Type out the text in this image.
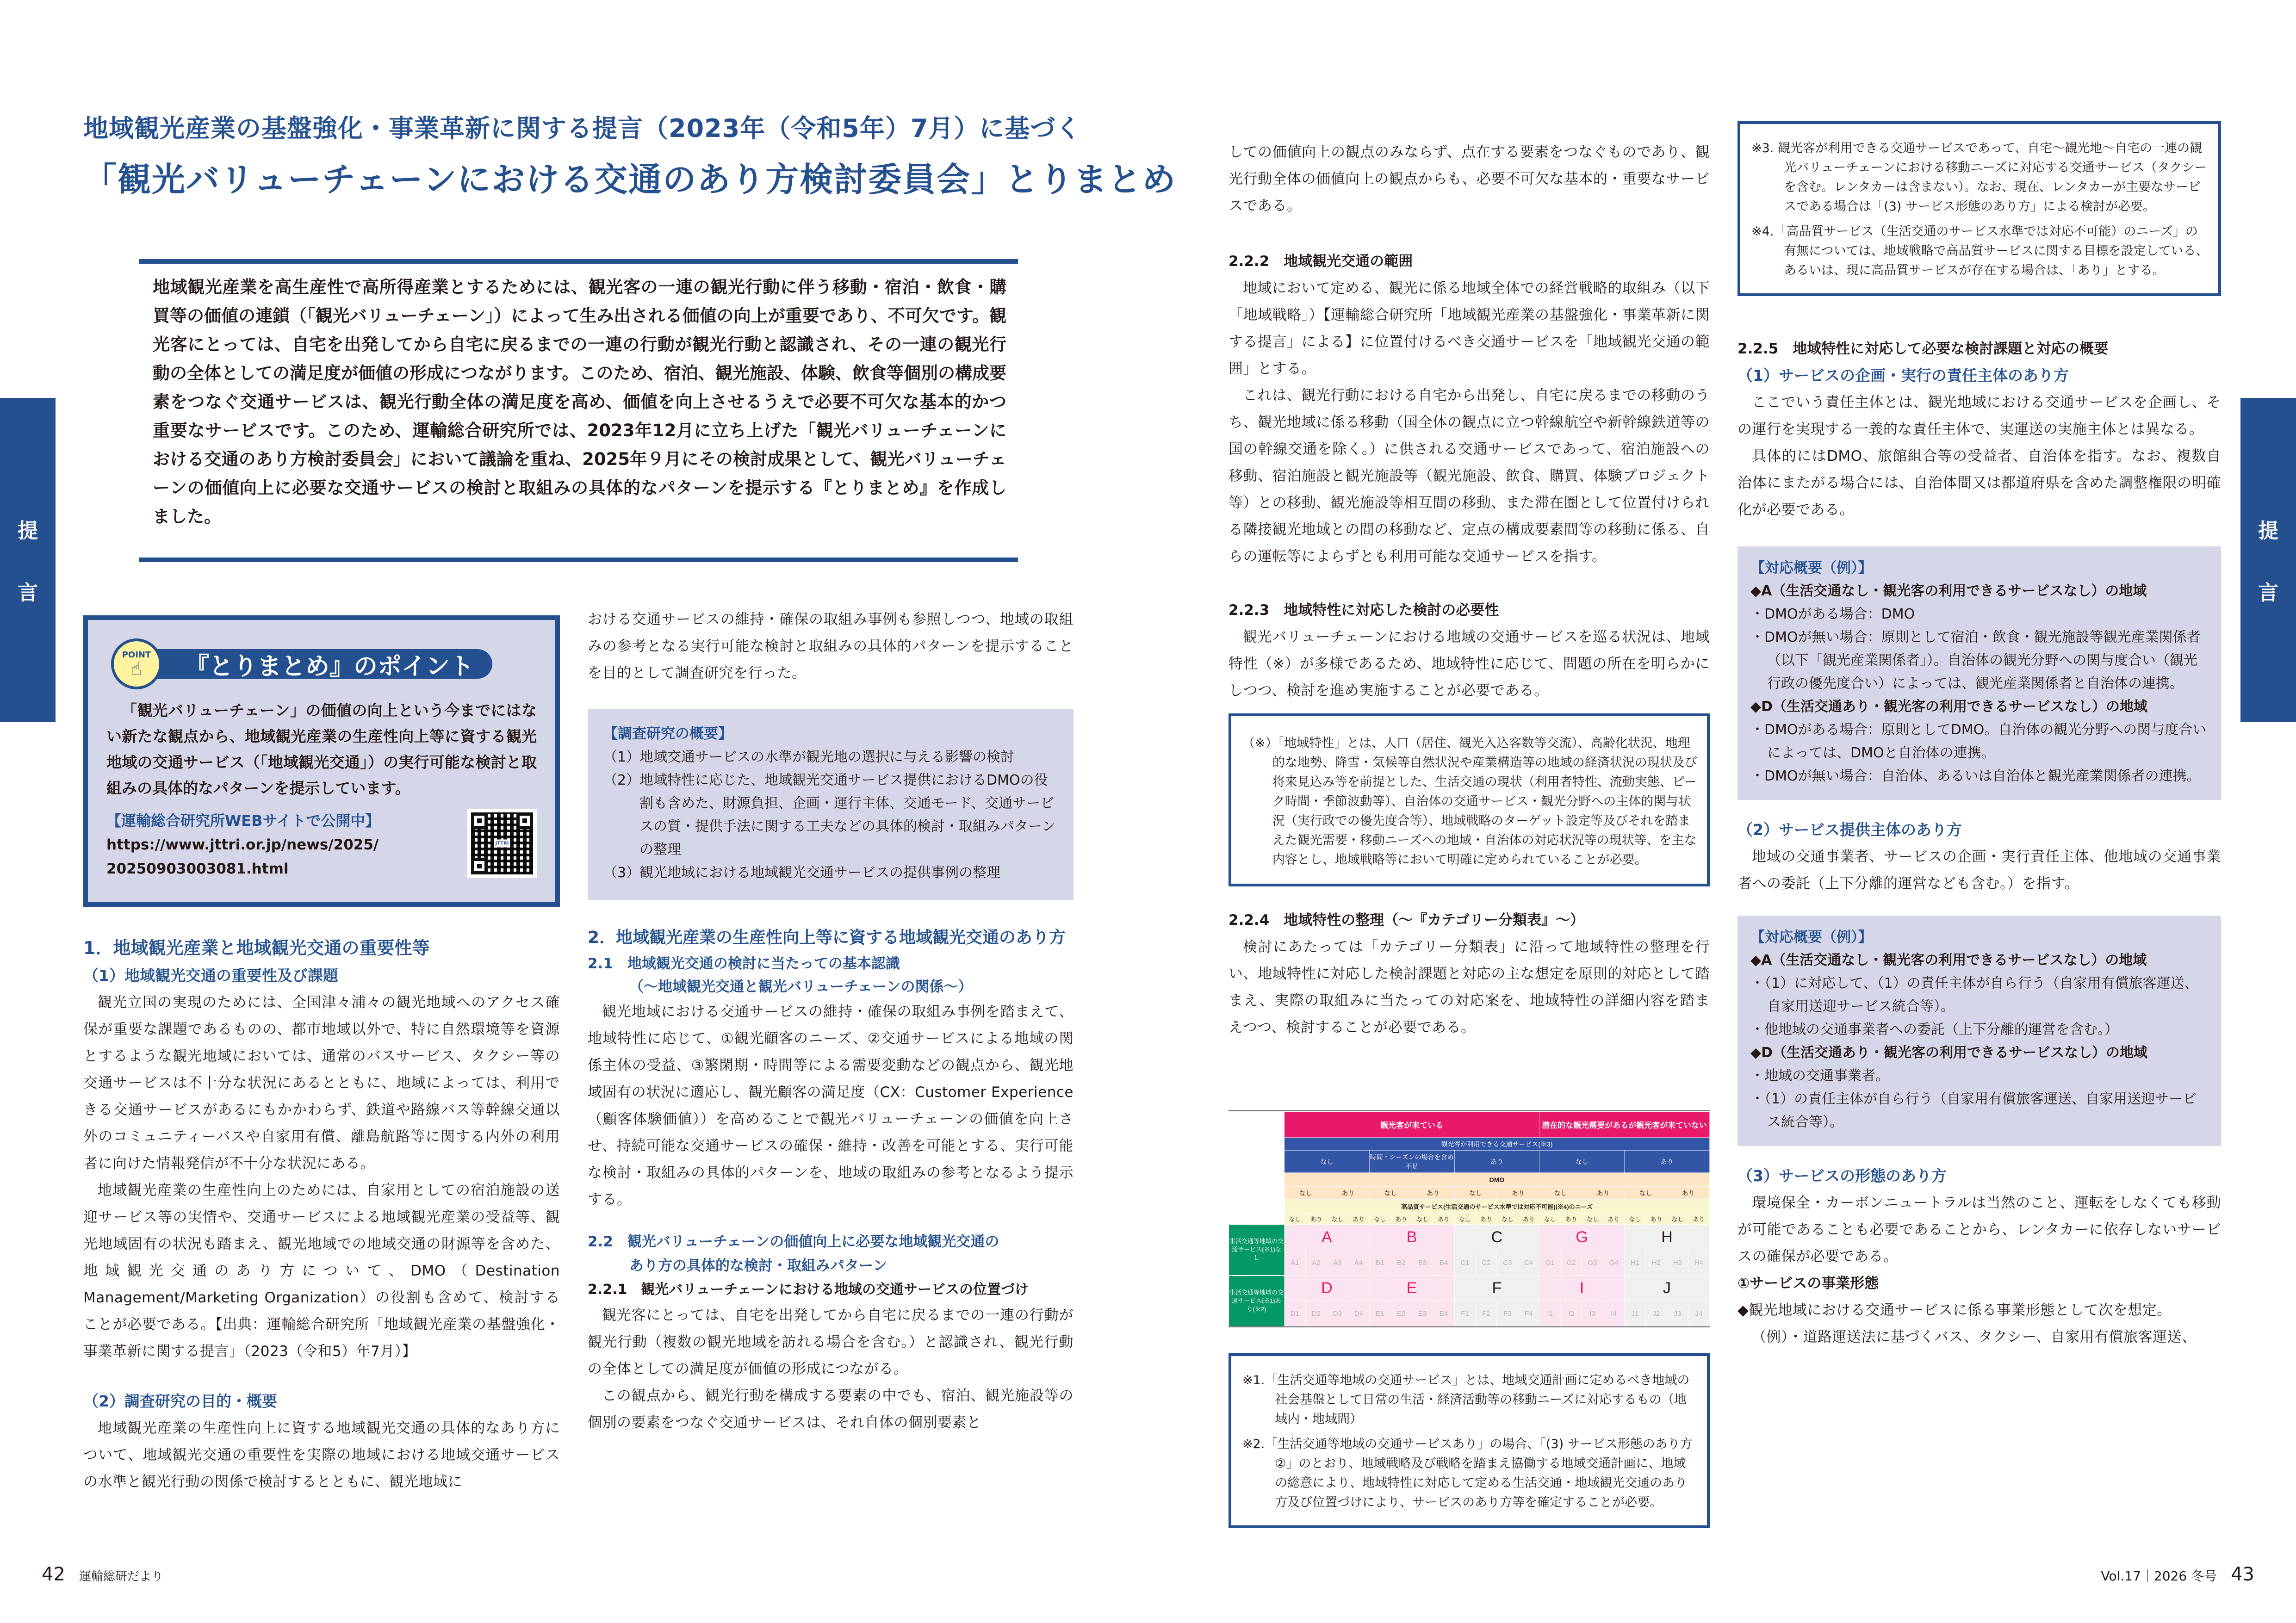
地域観光産業の基盤強化・事業革新に関する提言（2023年（令和5年）7月）に基づく
「観光バリューチェーンにおける交通のあり方検討委員会」とりまとめ
地域観光産業を高生産性で高所得産業とするためには、観光客の一連の観光行動に伴う移動・宿泊・飲食・購買等の価値の連鎖（「観光バリューチェーン」）によって生み出される価値の向上が重要であり、不可欠です。観光客にとっては、自宅を出発してから自宅に戻るまでの一連の行動が観光行動と認識され、その一連の観光行動の全体としての満足度が価値の形成につながります。このため、宿泊、観光施設、体験、飲食等個別の構成要素をつなぐ交通サービスは、観光行動全体の満足度を高め、価値を向上させるうえで必要不可欠な基本的かつ重要なサービスです。このため、運輸総合研究所では、2023年12月に立ち上げた「観光バリューチェーンにおける交通のあり方検討委員会」において議論を重ね、2025年９月にその検討成果として、観光バリューチェーンの価値向上に必要な交通サービスの検討と取組みの具体的なパターンを提示する『とりまとめ』を作成しました。
提
言
提
言
POINT
☝	『とりまとめ』のポイント
「観光バリューチェーン」の価値の向上という今までにはない新たな観点から、地域観光産業の生産性向上等に資する観光地域の交通サービス（「地域観光交通」）の実行可能な検討と取組みの具体的なパターンを提示しています。
【運輸総合研究所WEBサイトで公開中】
https://www.jttri.or.jp/news/2025/
20250903003081.html
JTTRI
1．地域観光産業と地域観光交通の重要性等
（1）地域観光交通の重要性及び課題
観光立国の実現のためには、全国津々浦々の観光地域へのアクセス確保が重要な課題であるものの、都市地域以外で、特に自然環境等を資源とするような観光地域においては、通常のバスサービス、タクシー等の交通サービスは不十分な状況にあるとともに、地域によっては、利用できる交通サービスがあるにもかかわらず、鉄道や路線バス等幹線交通以外のコミュニティーバスや自家用有償、離島航路等に関する内外の利用者に向けた情報発信が不十分な状況にある。
地域観光産業の生産性向上のためには、自家用としての宿泊施設の送迎サービス等の実情や、交通サービスによる地域観光産業の受益等、観光地域固有の状況も踏まえ、観光地域での地域交通の財源等を含めた、地域観光交通のあり方について、DMO（Destination Management/Marketing Organization）の役割も含めて、検討することが必要である。【出典：運輸総合研究所「地域観光産業の基盤強化・事業革新に関する提言」（2023（令和5）年7月）】
（2）調査研究の目的・概要
地域観光産業の生産性向上に資する地域観光交通の具体的なあり方について、地域観光交通の重要性を実際の地域における地域交通サービスの水準と観光行動の関係で検討するとともに、観光地域に
おける交通サービスの維持・確保の取組み事例も参照しつつ、地域の取組みの参考となる実行可能な検討と取組みの具体的パターンを提示することを目的として調査研究を行った。
【調査研究の概要】
（1）
地域交通サービスの水準が観光地の選択に与える影響の検討
（2）
地域特性に応じた、地域観光交通サービス提供におけるDMOの役割も含めた、財源負担、企画・運行主体、交通モード、交通サービスの質・提供手法に関する工夫などの具体的検討・取組みパターンの整理
（3）
観光地域における地域観光交通サービスの提供事例の整理
2．地域観光産業の生産性向上等に資する地域観光交通のあり方
2.1　地域観光交通の検討に当たっての基本認識
（～地域観光交通と観光バリューチェーンの関係～）
観光地域における交通サービスの維持・確保の取組み事例を踏まえて、地域特性に応じて、①観光顧客のニーズ、②交通サービスによる地域の関係主体の受益、③繁閑期・時間等による需要変動などの観点から、観光地域固有の状況に適応し、観光顧客の満足度（CX：Customer Experience（顧客体験価値））を高めることで観光バリューチェーンの価値を向上させ、持続可能な交通サービスの確保・維持・改善を可能とする、実行可能な検討・取組みの具体的パターンを、地域の取組みの参考となるよう提示する。
2.2　観光バリューチェーンの価値向上に必要な地域観光交通の
あり方の具体的な検討・取組みパターン
2.2.1　観光バリューチェーンにおける地域の交通サービスの位置づけ
観光客にとっては、自宅を出発してから自宅に戻るまでの一連の行動が観光行動（複数の観光地域を訪れる場合を含む。）と認識され、観光行動の全体としての満足度が価値の形成につながる。
この観点から、観光行動を構成する要素の中でも、宿泊、観光施設等の個別の要素をつなぐ交通サービスは、それ自体の個別要素と
しての価値向上の観点のみならず、点在する要素をつなぐものであり、観光行動全体の価値向上の観点からも、必要不可欠な基本的・重要なサービスである。
2.2.2　地域観光交通の範囲
地域において定める、観光に係る地域全体での経営戦略的取組み（以下「地域戦略」）【運輸総合研究所「地域観光産業の基盤強化・事業革新に関する提言」による】に位置付けるべき交通サービスを「地域観光交通の範囲」とする。
これは、観光行動における自宅から出発し、自宅に戻るまでの移動のうち、観光地域に係る移動（国全体の観点に立つ幹線航空や新幹線鉄道等の国の幹線交通を除く。）に供される交通サービスであって、宿泊施設への移動、宿泊施設と観光施設等（観光施設、飲食、購買、体験プロジェクト等）との移動、観光施設等相互間の移動、また滞在圏として位置付けられる隣接観光地域との間の移動など、定点の構成要素間等の移動に係る、自らの運転等によらずとも利用可能な交通サービスを指す。
2.2.3　地域特性に対応した検討の必要性
観光バリューチェーンにおける地域の交通サービスを巡る状況は、地域特性（※）が多様であるため、地域特性に応じて、問題の所在を明らかにしつつ、検討を進め実施することが必要である。
（※）「地域特性」とは、人口（居住、観光入込客数等交流）、高齢化状況、地理的な地勢、降雪・気候等自然状況や産業構造等の地域の経済状況の現状及び将来見込み等を前提とした、生活交通の現状（利用者特性、流動実態、ピーク時間・季節波動等）、自治体の交通サービス・観光分野への主体的関与状況（実行政での優先度合等）、地域戦略のターゲット設定等及びそれを踏まえた観光需要・移動ニーズへの地域・自治体の対応状況等の現状等、を主な内容とし、地域戦略等において明確に定められていることが必要。
2.2.4　地域特性の整理（～『カテゴリー分類表』～）
検討にあたっては「カテゴリー分類表」に沿って地域特性の整理を行い、地域特性に対応した検討課題と対応の主な想定を原則的対応として踏まえ、実際の取組みに当たっての対応案を、地域特性の詳細内容を踏まえつつ、検討することが必要である。
	観光客が来ている												潜在的な観光需要があるが観光客が来ていない							
	観光客が利用できる交通サービス(※3)																			
	なし				時間・シーズンの場合を含め不足				あり				なし				あり			
	DMO																			
	なし		あり		なし		あり		なし		あり		なし		あり		なし		あり	
	高品質サービス(生活交通のサービス水準では対応不可能)(※4)のニーズ																			
	なし	あり	なし	あり	なし	あり	なし	あり	なし	あり	なし	あり	なし	あり	なし	あり	なし	あり	なし	あり
生活交通等地域の交通サービス(※1)なし	A				B				C				G				H			
	A1	A2	A3	A4	B1	B2	B3	B4	C1	C2	C3	C4	G1	G2	G3	G4	H1	H2	H3	H4
生活交通等地域の交通サービス(※1)あり(※2)	D				E				F				I				J			
	D1	D2	D3	D4	E1	E2	E3	E4	F1	F2	F3	F4	I1	I2	I3	I4	J1	J2	J3	J4
※1.「生活交通等地域の交通サービス」とは、地域交通計画に定めるべき地域の社会基盤として日常の生活・経済活動等の移動ニーズに対応するもの（地域内・地域間）
※2.「生活交通等地域の交通サービスあり」の場合、「(3) サービス形態のあり方②」のとおり、地域戦略及び戦略を踏まえ協働する地域交通計画に、地域の総意により、地域特性に対応して定める生活交通・地域観光交通のあり方及び位置づけにより、サービスのあり方等を確定することが必要。
※3. 観光客が利用できる交通サービスであって、自宅～観光地～自宅の一連の観光バリューチェーンにおける移動ニーズに対応する交通サービス（タクシーを含む。レンタカーは含まない）。なお、現在、レンタカーが主要なサービスである場合は「(3) サービス形態のあり方」による検討が必要。
※4.「高品質サービス（生活交通のサービス水準では対応不可能）のニーズ」の有無については、地域戦略で高品質サービスに関する目標を設定している、あるいは、現に高品質サービスが存在する場合は、「あり」とする。
2.2.5　地域特性に対応して必要な検討課題と対応の概要
（1）サービスの企画・実行の責任主体のあり方
ここでいう責任主体とは、観光地域における交通サービスを企画し、その運行を実現する一義的な責任主体で、実運送の実施主体とは異なる。
具体的にはDMO、旅館組合等の受益者、自治体を指す。なお、複数自治体にまたがる場合には、自治体間又は都道府県を含めた調整権限の明確化が必要である。
【対応概要（例）】
◆A（生活交通なし・観光客の利用できるサービスなし）の地域
・DMOがある場合：DMO
・DMOが無い場合：原則として宿泊・飲食・観光施設等観光産業関係者（以下「観光産業関係者」）。自治体の観光分野への関与度合い（観光行政の優先度合い）によっては、観光産業関係者と自治体の連携。
◆D（生活交通あり・観光客の利用できるサービスなし）の地域
・DMOがある場合：原則としてDMO。自治体の観光分野への関与度合いによっては、DMOと自治体の連携。
・DMOが無い場合：自治体、あるいは自治体と観光産業関係者の連携。
（2）サービス提供主体のあり方
地域の交通事業者、サービスの企画・実行責任主体、他地域の交通事業者への委託（上下分離的運営なども含む。）を指す。
【対応概要（例）】
◆A（生活交通なし・観光客の利用できるサービスなし）の地域
・（1）に対応して、（1）の責任主体が自ら行う（自家用有償旅客運送、自家用送迎サービス統合等）。
・他地域の交通事業者への委託（上下分離的運営を含む。）
◆D（生活交通あり・観光客の利用できるサービスなし）の地域
・地域の交通事業者。
・（1）の責任主体が自ら行う（自家用有償旅客運送、自家用送迎サービス統合等）。
（3）サービスの形態のあり方
環境保全・カーボンニュートラルは当然のこと、運転をしなくても移動が可能であることも必要であることから、レンタカーに依存しないサービスの確保が必要である。
①サービスの事業形態
◆観光地域における交通サービスに係る事業形態として次を想定。
（例）・道路運送法に基づくバス、タクシー、自家用有償旅客運送、
42 運輸総研だより	Vol.17｜2026 冬号 43
